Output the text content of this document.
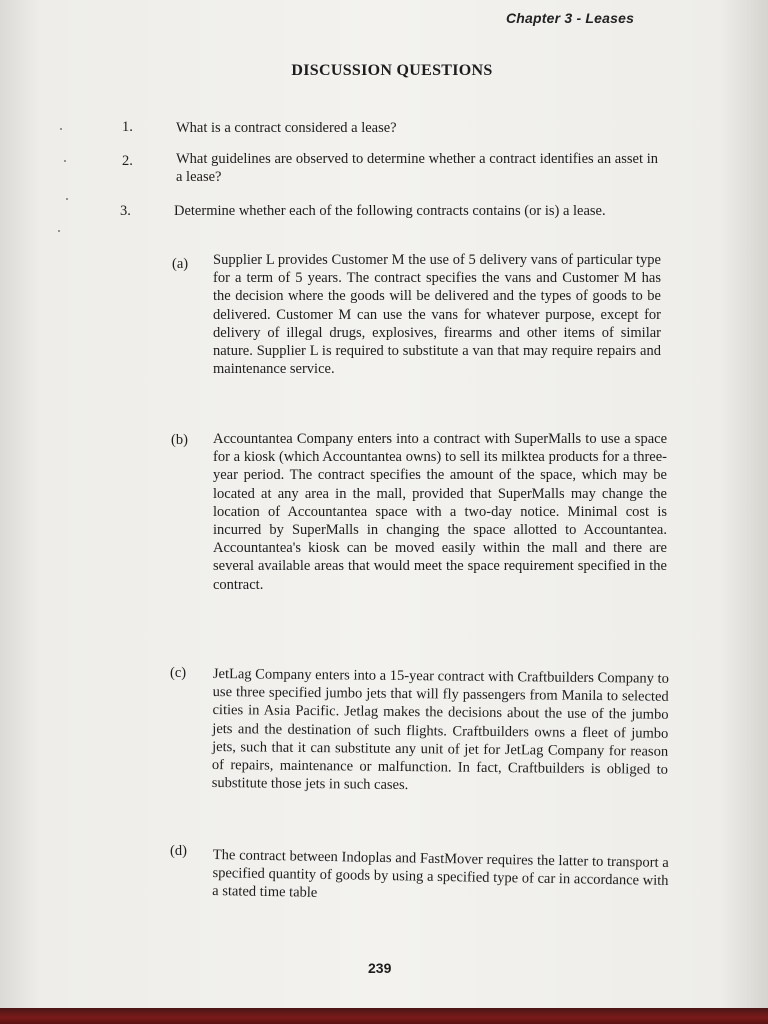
Chapter 3 - Leases
DISCUSSION QUESTIONS
1.	What is a contract considered a lease?
2.	What guidelines are observed to determine whether a contract identifies an asset in a lease?
3.	Determine whether each of the following contracts contains (or is) a lease.
(a) Supplier L provides Customer M the use of 5 delivery vans of particular type for a term of 5 years. The contract specifies the vans and Customer M has the decision where the goods will be delivered and the types of goods to be delivered. Customer M can use the vans for whatever purpose, except for delivery of illegal drugs, explosives, firearms and other items of similar nature. Supplier L is required to substitute a van that may require repairs and maintenance service.
(b) Accountantea Company enters into a contract with SuperMalls to use a space for a kiosk (which Accountantea owns) to sell its milktea products for a three-year period. The contract specifies the amount of the space, which may be located at any area in the mall, provided that SuperMalls may change the location of Accountantea space with a two-day notice. Minimal cost is incurred by SuperMalls in changing the space allotted to Accountantea. Accountantea's kiosk can be moved easily within the mall and there are several available areas that would meet the space requirement specified in the contract.
(c) JetLag Company enters into a 15-year contract with Craftbuilders Company to use three specified jumbo jets that will fly passengers from Manila to selected cities in Asia Pacific. Jetlag makes the decisions about the use of the jumbo jets and the destination of such flights. Craftbuilders owns a fleet of jumbo jets, such that it can substitute any unit of jet for JetLag Company for reason of repairs, maintenance or malfunction. In fact, Craftbuilders is obliged to substitute those jets in such cases.
(d) The contract between Indoplas and FastMover requires the latter to transport a specified quantity of goods by using a specified type of car in accordance with a stated time table
239
